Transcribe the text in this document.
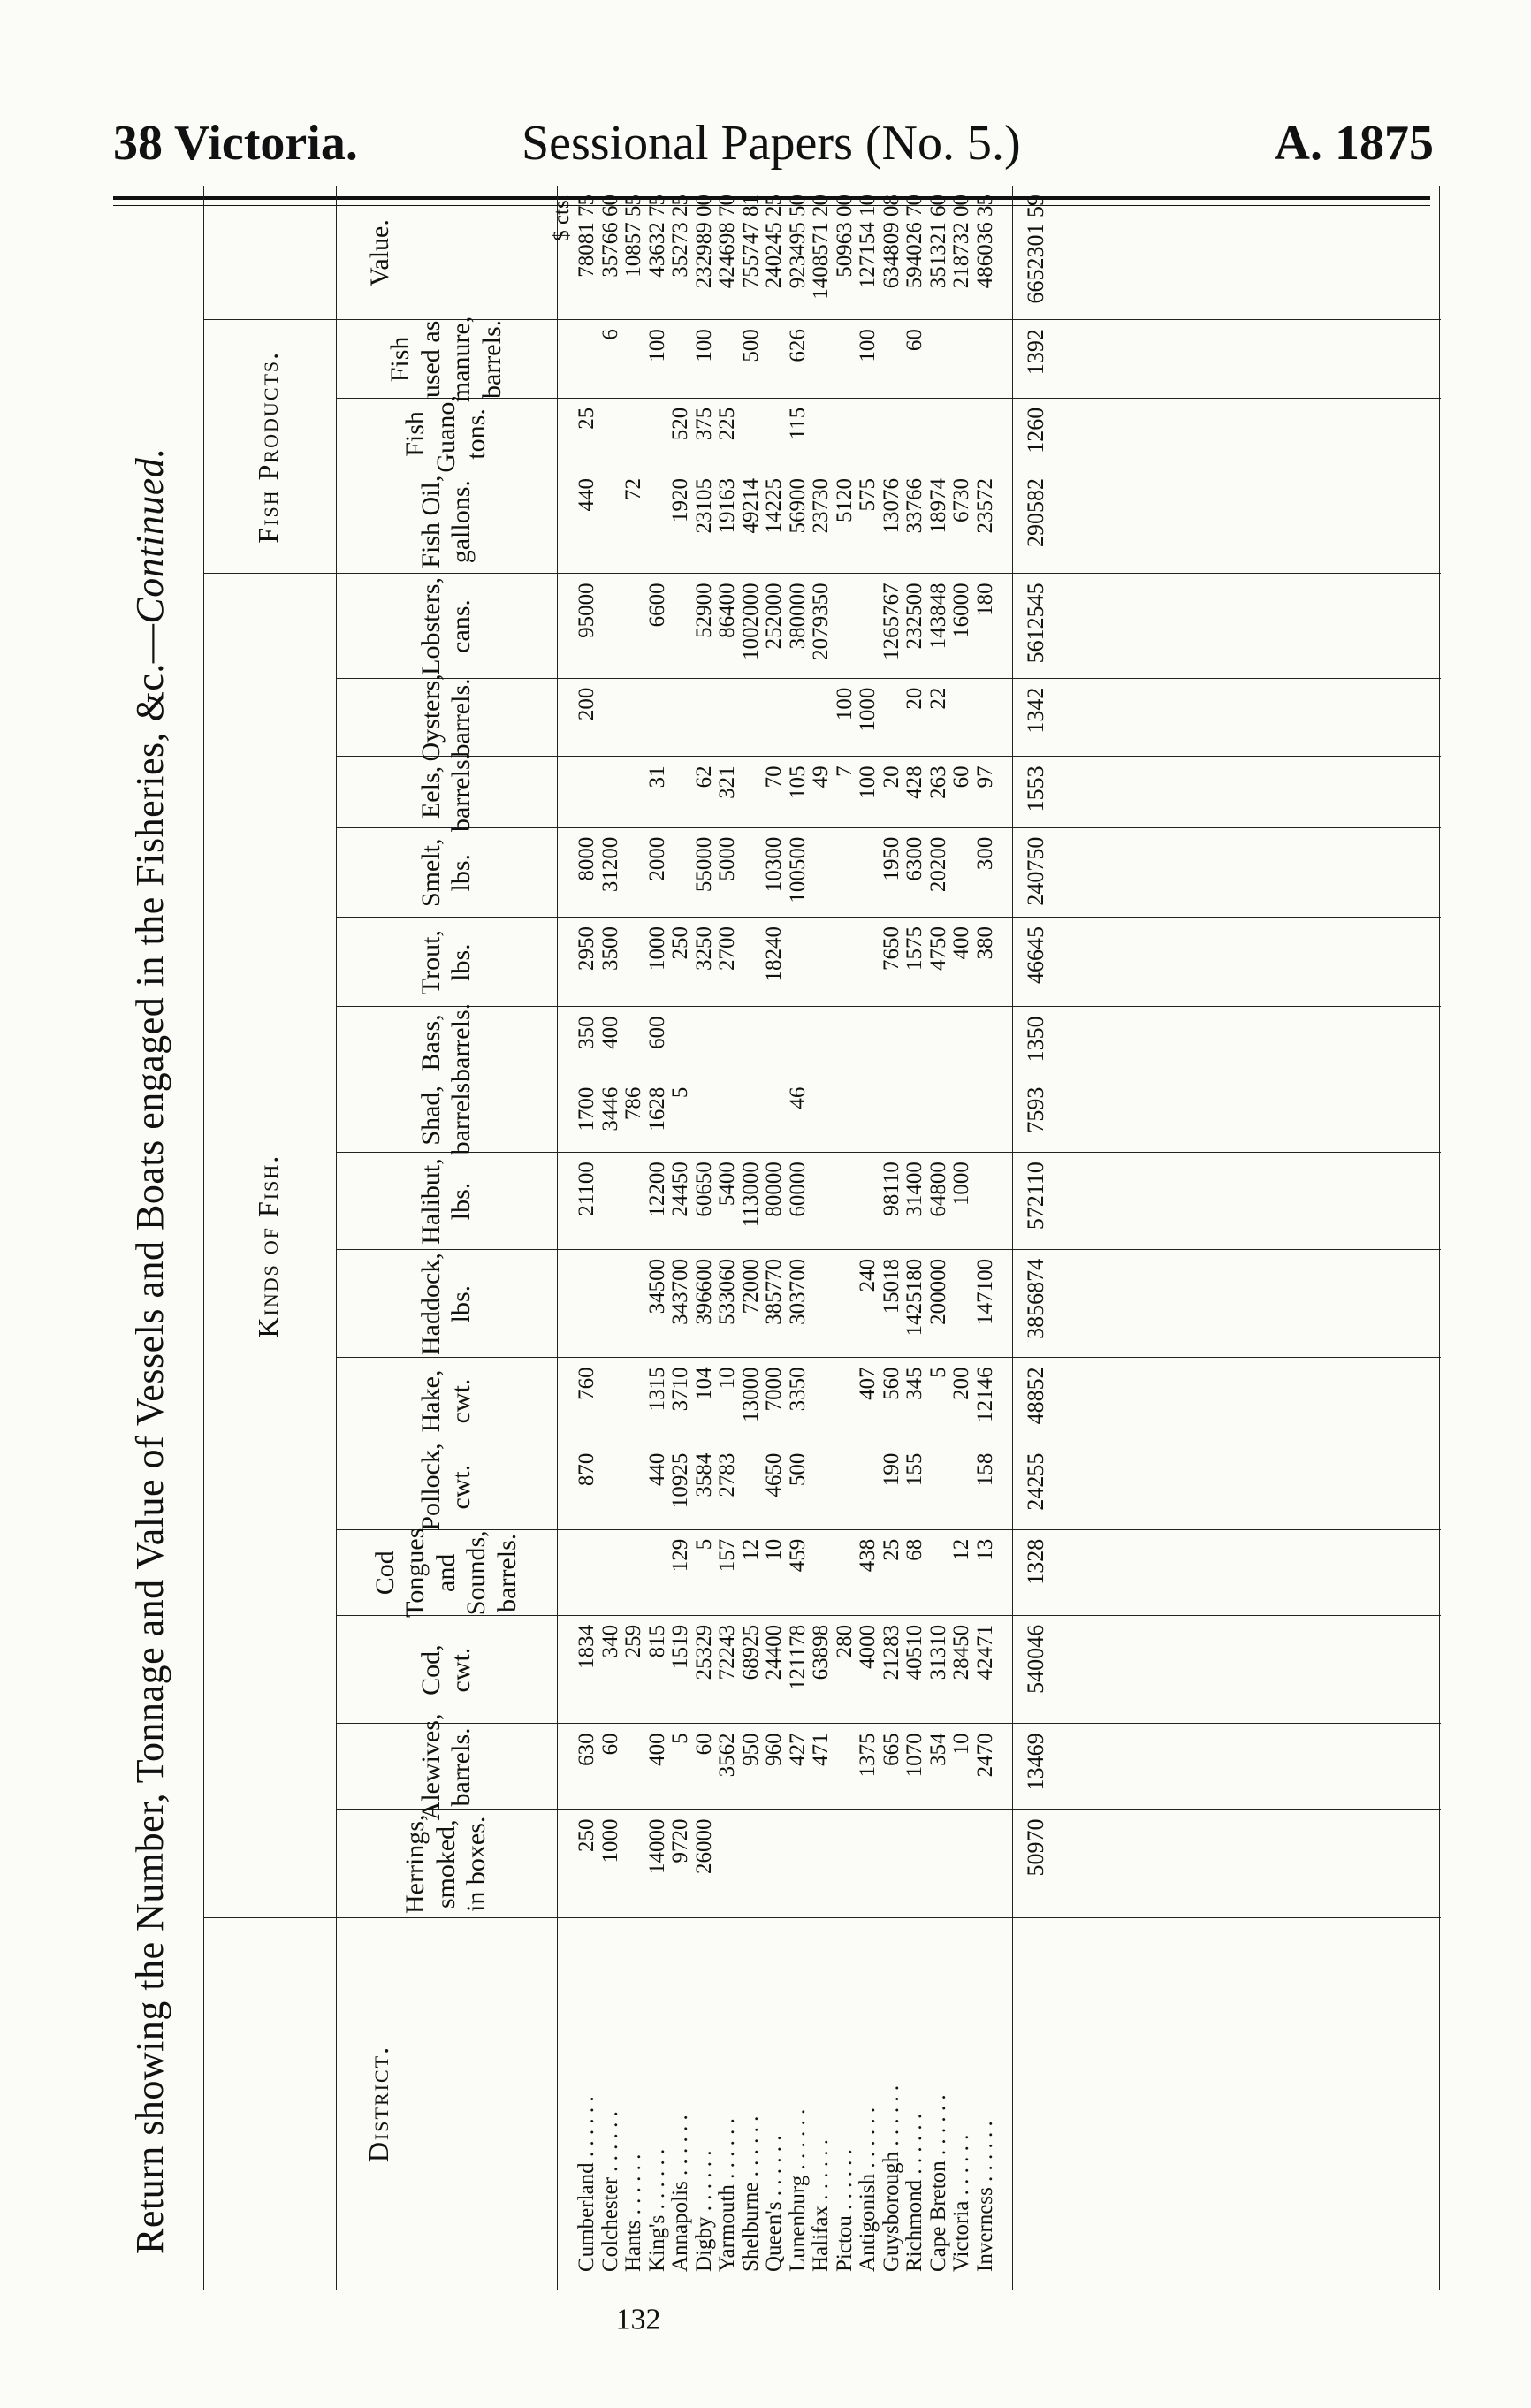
38 Victoria.	Sessional Papers (No. 5.)	A. 1875
Return showing the Number, Tonnage and Value of Vessels and Boats engaged in the Fisheries, &c.—Continued.
Kinds of Fish.
Fish Products.
District.
Herrings, smoked, in boxes.
Alewives, barrels.
Cod, cwt.
Cod Tongues and Sounds, barrels.
Pollock, cwt.
Hake, cwt.
Haddock, lbs.
Halibut, lbs.
Shad, barrels.
Bass, barrels.
Trout, lbs.
Smelt, lbs.
Eels, barrels.
Oysters, barrels.
Lobsters, cans.
Fish Oil, gallons.
Fish Guano, tons.
Fish used as manure, barrels.
Value.
$ cts.
Cumberland . . . . . .
250
630
1834
870
760
21100
1700
350
2950
8000
200
95000
440
25
78081 75
Colchester . . . . . .
1000
60
340
3446
400
3500
31200
6
35766 60
Hants . . . . . .
259
786
72
10857 55
King's . . . . . .
14000
400
815
440
1315
34500
12200
1628
600
1000
2000
31
6600
100
43632 75
Annapolis . . . . . .
9720
5
1519
129
10925
3710
343700
24450
5
250
1920
520
35273 25
Digby . . . . . .
26000
60
25329
5
3584
104
396600
60650
3250
55000
62
52900
23105
375
100
232989 00
Yarmouth . . . . . .
3562
72243
157
2783
10
533060
5400
2700
5000
321
86400
19163
225
424698 70
Shelburne . . . . . .
950
68925
12
13000
72000
113000
1002000
49214
500
755747 81
Queen's . . . . . .
960
24400
10
4650
7000
385770
80000
18240
10300
70
252000
14225
240245 25
Lunenburg . . . . . .
427
121178
459
500
3350
303700
60000
46
100500
105
380000
56900
115
626
923495 50
Halifax . . . . . .
471
63898
49
2079350
23730
1408571 20
Pictou . . . . . .
280
7
100
5120
50963 00
Antigonish . . . . . .
1375
4000
438
407
240
100
1000
575
100
127154 10
Guysborough . . . . . .
665
21283
25
190
560
15018
98110
7650
1950
20
1265767
13076
634809 08
Richmond . . . . . .
1070
40510
68
155
345
1425180
31400
1575
6300
428
20
232500
33766
60
594026 70
Cape Breton . . . . . .
354
31310
5
200000
64800
4750
20200
263
22
143848
18974
351321 60
Victoria . . . . . .
10
28450
12
200
1000
400
60
16000
6730
218732 00
Inverness . . . . . .
2470
42471
13
158
12146
147100
380
300
97
180
23572
486036 35
50970
13469
540046
1328
24255
48852
3856874
572110
7593
1350
46645
240750
1553
1342
5612545
290582
1260
1392
6652301 59
132
